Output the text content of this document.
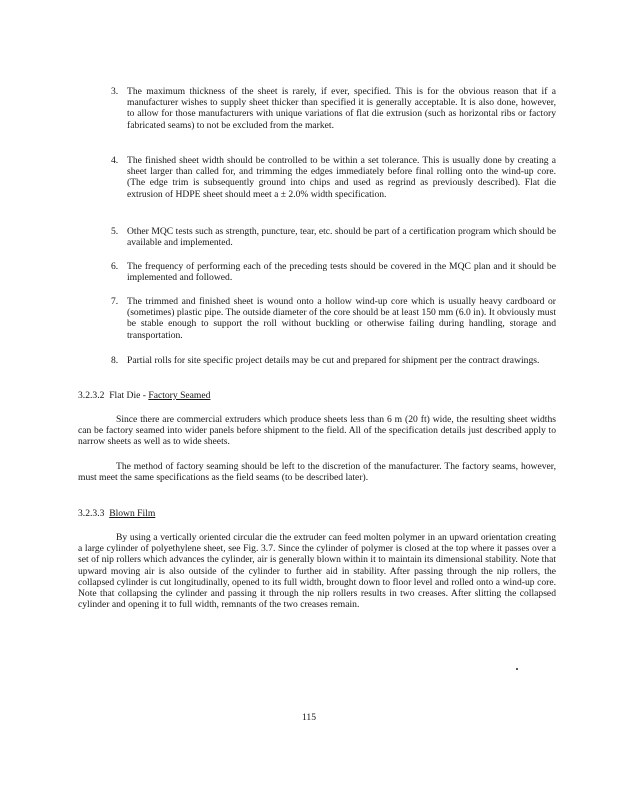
3. The maximum thickness of the sheet is rarely, if ever, specified. This is for the obvious reason that if a manufacturer wishes to supply sheet thicker than specified it is generally acceptable. It is also done, however, to allow for those manufacturers with unique variations of flat die extrusion (such as horizontal ribs or factory fabricated seams) to not be excluded from the market.
4. The finished sheet width should be controlled to be within a set tolerance. This is usually done by creating a sheet larger than called for, and trimming the edges immediately before final rolling onto the wind-up core. (The edge trim is subsequently ground into chips and used as regrind as previously described). Flat die extrusion of HDPE sheet should meet a ± 2.0% width specification.
5. Other MQC tests such as strength, puncture, tear, etc. should be part of a certification program which should be available and implemented.
6. The frequency of performing each of the preceding tests should be covered in the MQC plan and it should be implemented and followed.
7. The trimmed and finished sheet is wound onto a hollow wind-up core which is usually heavy cardboard or (sometimes) plastic pipe. The outside diameter of the core should be at least 150 mm (6.0 in). It obviously must be stable enough to support the roll without buckling or otherwise failing during handling, storage and transportation.
8. Partial rolls for site specific project details may be cut and prepared for shipment per the contract drawings.
3.2.3.2 Flat Die - Factory Seamed
Since there are commercial extruders which produce sheets less than 6 m (20 ft) wide, the resulting sheet widths can be factory seamed into wider panels before shipment to the field. All of the specification details just described apply to narrow sheets as well as to wide sheets.
The method of factory seaming should be left to the discretion of the manufacturer. The factory seams, however, must meet the same specifications as the field seams (to be described later).
3.2.3.3 Blown Film
By using a vertically oriented circular die the extruder can feed molten polymer in an upward orientation creating a large cylinder of polyethylene sheet, see Fig. 3.7. Since the cylinder of polymer is closed at the top where it passes over a set of nip rollers which advances the cylinder, air is generally blown within it to maintain its dimensional stability. Note that upward moving air is also outside of the cylinder to further aid in stability. After passing through the nip rollers, the collapsed cylinder is cut longitudinally, opened to its full width, brought down to floor level and rolled onto a wind-up core. Note that collapsing the cylinder and passing it through the nip rollers results in two creases. After slitting the collapsed cylinder and opening it to full width, remnants of the two creases remain.
115
